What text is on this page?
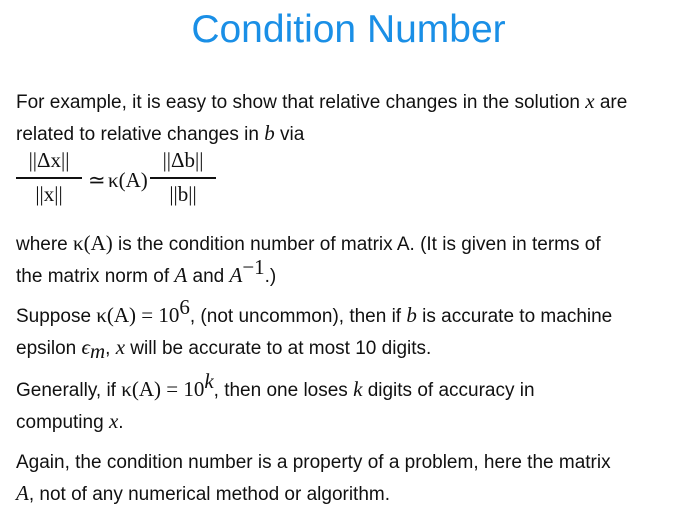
Condition Number
For example, it is easy to show that relative changes in the solution x are
related to relative changes in b via
||Δx||
||x||
≃ κ(A)
||Δb||
||b||
where κ(A) is the condition number of matrix A. (It is given in terms of
the matrix norm of A and $A^{-1}$.)
Suppose $\kappa(A) = 10^6$, (not uncommon), then if b is accurate to machine
epsilon $\epsilon_m$, x will be accurate to at most 10 digits.
Generally, if $\kappa(A) = 10^k$, then one loses k digits of accuracy in
computing x.
Again, the condition number is a property of a problem, here the matrix
A, not of any numerical method or algorithm.
